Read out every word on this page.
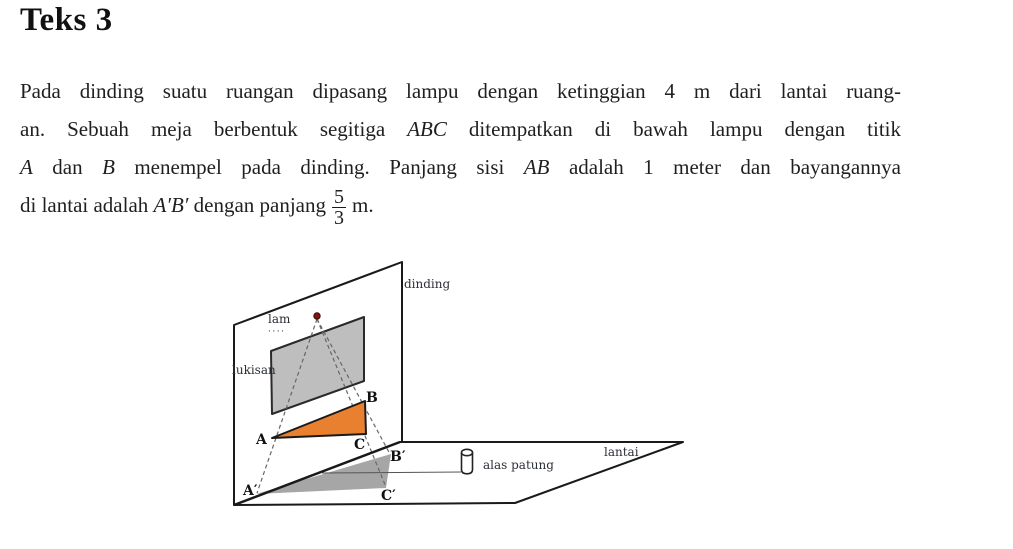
Teks 3
Pada dinding suatu ruangan dipasang lampu dengan ketinggian 4 m dari lantai ruang-
an. Sebuah meja berbentuk segitiga ABC ditempatkan di bawah lampu dengan titik
A dan B menempel pada dinding. Panjang sisi AB adalah 1 meter dan bayangannya
di lantai adalah A′B′ dengan panjang $\frac{5}{3} m$.
dinding
lantai
lukisan
lam
····
alas patung
A
B
C
A′
B′
C′
